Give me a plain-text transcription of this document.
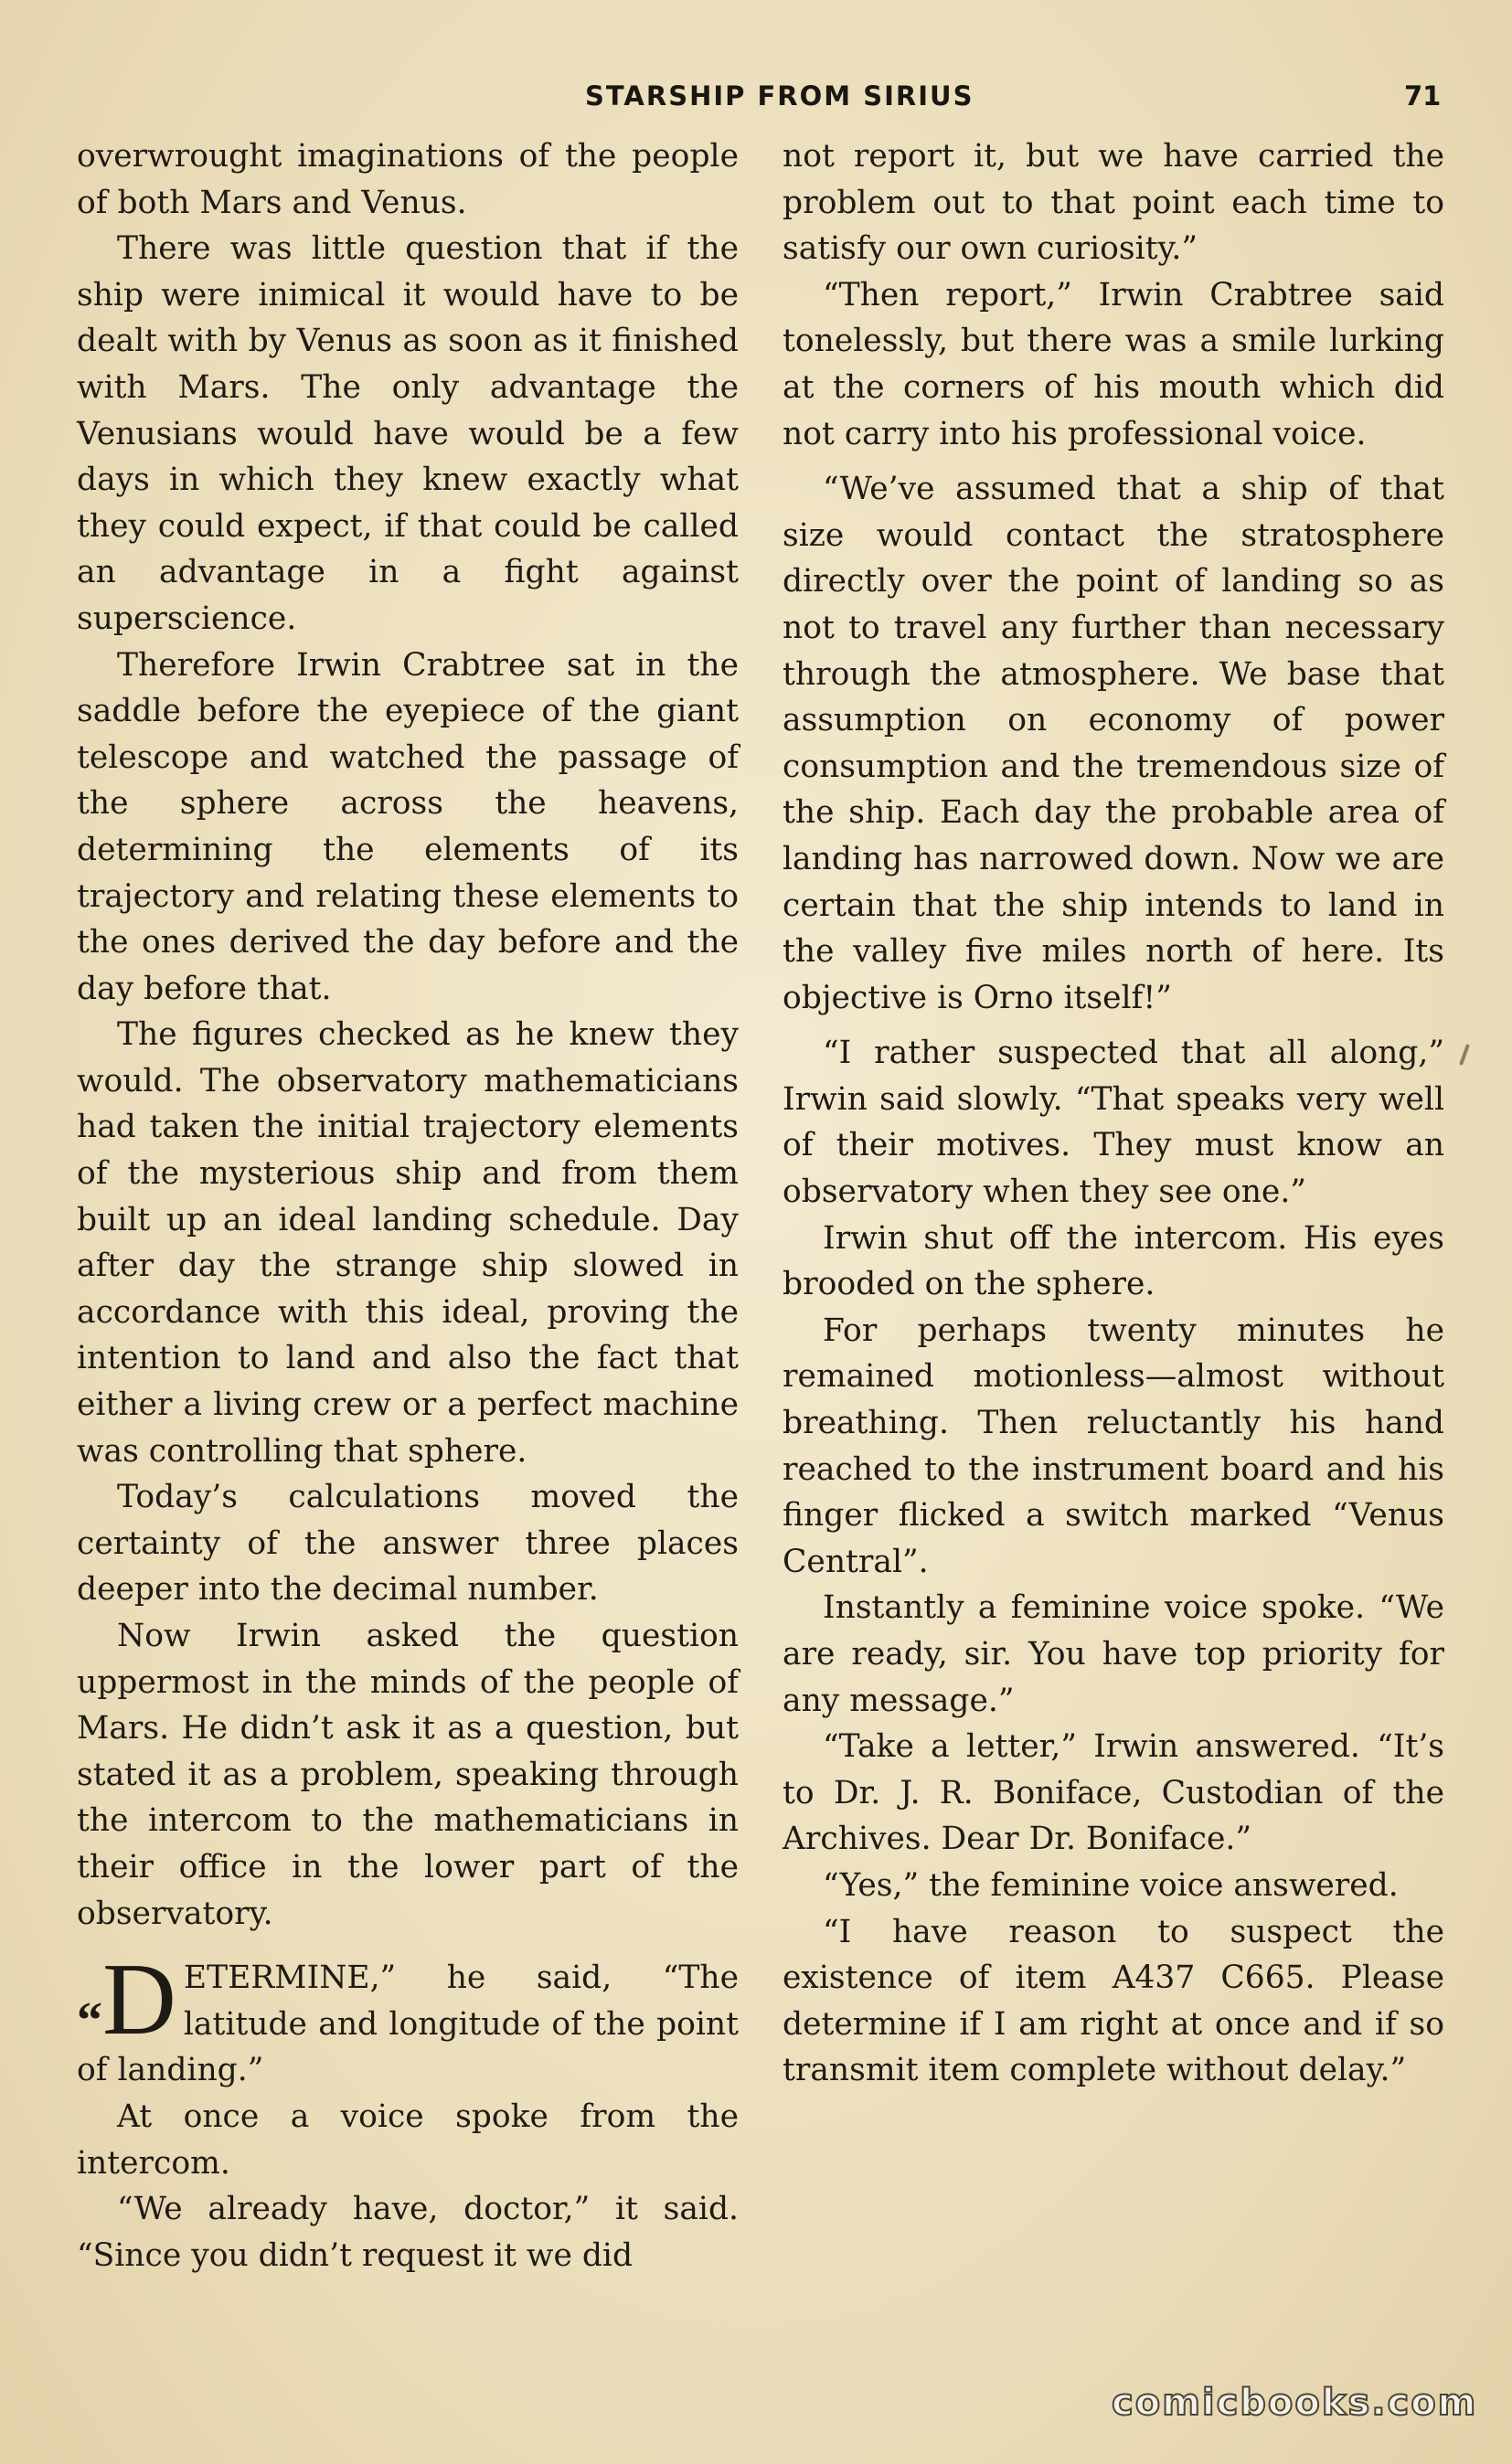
STARSHIP FROM SIRIUS	71

overwrought imaginations of the people of both Mars and Venus.

There was little question that if the ship were inimical it would have to be dealt with by Venus as soon as it finished with Mars. The only advantage the Venusians would have would be a few days in which they knew exactly what they could expect, if that could be called an advantage in a fight against superscience.

Therefore Irwin Crabtree sat in the saddle before the eyepiece of the giant telescope and watched the passage of the sphere across the heavens, determining the elements of its trajectory and relating these elements to the ones derived the day before and the day before that.

The figures checked as he knew they would. The observatory mathematicians had taken the initial trajectory elements of the mysterious ship and from them built up an ideal landing schedule. Day after day the strange ship slowed in accordance with this ideal, proving the intention to land and also the fact that either a living crew or a perfect machine was controlling that sphere.

Today’s calculations moved the certainty of the answer three places deeper into the decimal number.

Now Irwin asked the question uppermost in the minds of the people of Mars. He didn’t ask it as a question, but stated it as a problem, speaking through the intercom to the mathematicians in their office in the lower part of the observatory.

“D ETERMINE,” he said, “The latitude and longitude of the point of landing.”

At once a voice spoke from the intercom.

“We already have, doctor,” it said. “Since you didn’t request it we did

not report it, but we have carried the problem out to that point each time to satisfy our own curiosity.”

“Then report,” Irwin Crabtree said tonelessly, but there was a smile lurking at the corners of his mouth which did not carry into his professional voice.

“We’ve assumed that a ship of that size would contact the stratosphere directly over the point of landing so as not to travel any further than necessary through the atmosphere. We base that assumption on economy of power consumption and the tremendous size of the ship. Each day the probable area of landing has narrowed down. Now we are certain that the ship intends to land in the valley five miles north of here. Its objective is Orno itself!”

“I rather suspected that all along,” Irwin said slowly. “That speaks very well of their motives. They must know an observatory when they see one.”

Irwin shut off the intercom. His eyes brooded on the sphere.

For perhaps twenty minutes he remained motionless—almost without breathing. Then reluctantly his hand reached to the instrument board and his finger flicked a switch marked “Venus Central”.

Instantly a feminine voice spoke. “We are ready, sir. You have top priority for any message.”

“Take a letter,” Irwin answered. “It’s to Dr. J. R. Boniface, Custodian of the Archives. Dear Dr. Boniface.”

“Yes,” the feminine voice answered.

“I have reason to suspect the existence of item A437 C665. Please determine if I am right at once and if so transmit item complete without delay.”

comicbooks.com
